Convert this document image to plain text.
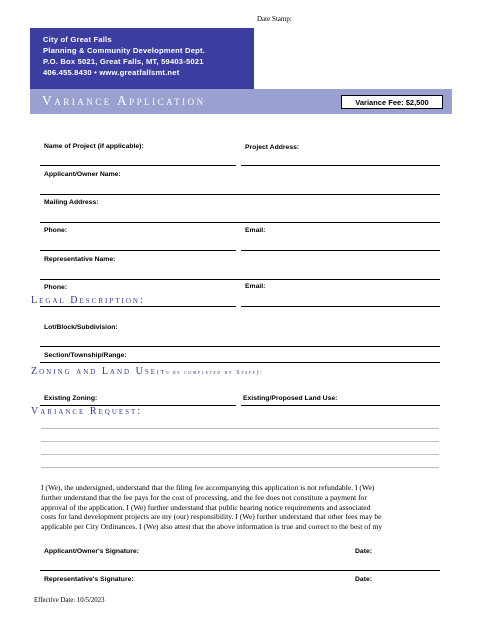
Date Stamp:
City of Great Falls
Planning & Community Development Dept.
P.O. Box 5021, Great Falls, MT, 59403-5021
406.455.8430 • www.greatfallsmt.net
Variance Application	Variance Fee: $2,500
Name of Project (if applicable):	Project Address:
Applicant/Owner Name:
Mailing Address:
Phone:	Email:
Representative Name:
Phone:	Email:
Legal Description:
Lot/Block/Subdivision:
Section/Township/Range:
Zoning and Land Use(To be completed by Staff):
Existing Zoning:	Existing/Proposed Land Use:
Variance Request:
I (We), the undersigned, understand that the filing fee accompanying this application is not refundable. I (We)
further understand that the fee pays for the cost of processing, and the fee does not constitute a payment for
approval of the application. I (We) further understand that public hearing notice requirements and associated
costs for land development projects are my (our) responsibility. I (We) further understand that other fees may be
applicable per City Ordinances. I (We) also attest that the above information is true and correct to the best of my
Applicant/Owner's Signature:	Date:
Representative's Signature:	Date:
Effective Date: 10/5/2023
